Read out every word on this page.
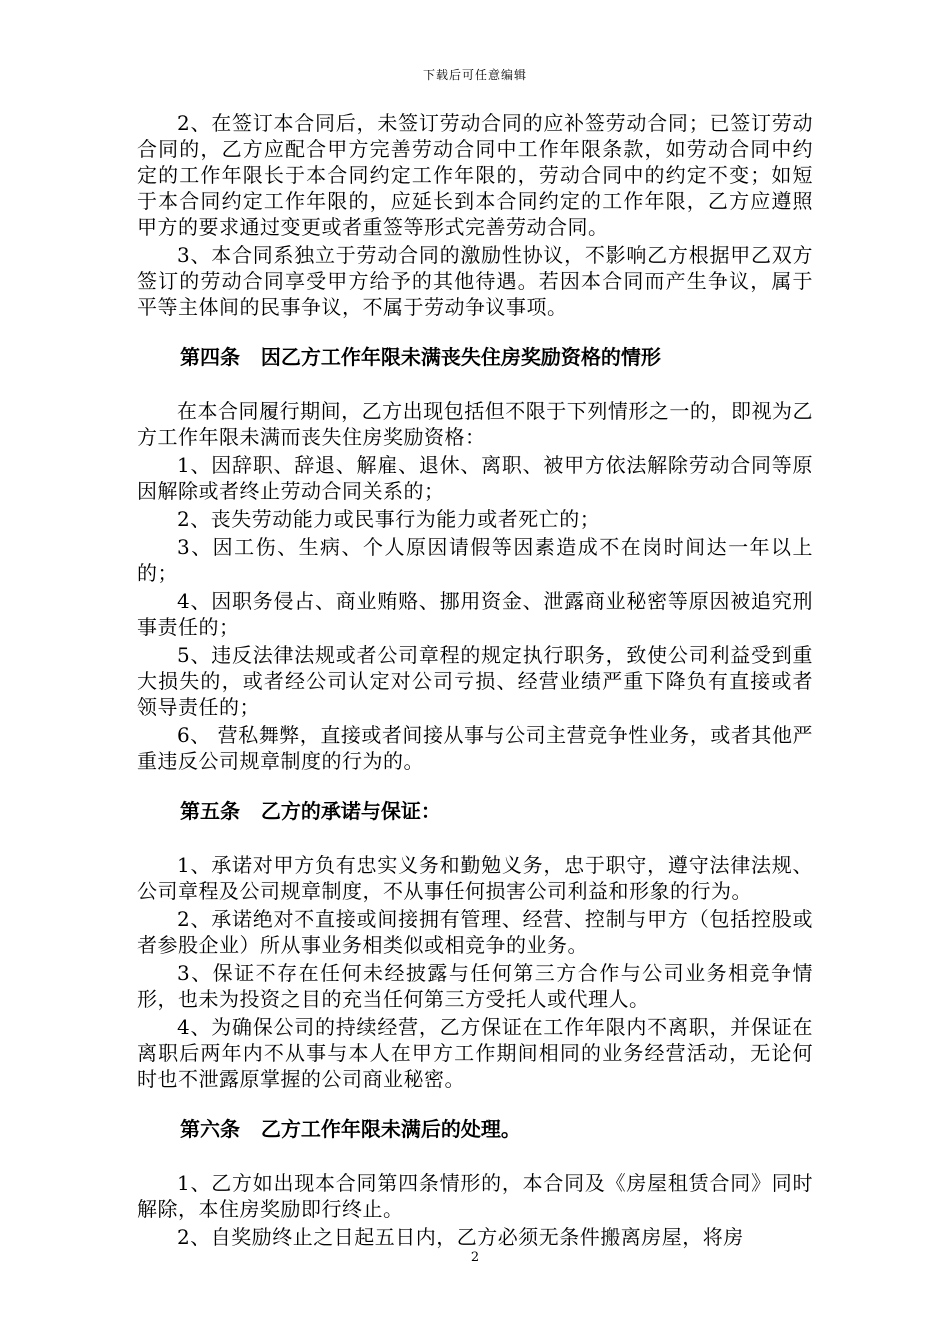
下载后可任意编辑

2、在签订本合同后，未签订劳动合同的应补签劳动合同；已签订劳动合同的，乙方应配合甲方完善劳动合同中工作年限条款，如劳动合同中约定的工作年限长于本合同约定工作年限的，劳动合同中的约定不变；如短于本合同约定工作年限的，应延长到本合同约定的工作年限，乙方应遵照甲方的要求通过变更或者重签等形式完善劳动合同。

3、本合同系独立于劳动合同的激励性协议，不影响乙方根据甲乙双方签订的劳动合同享受甲方给予的其他待遇。若因本合同而产生争议，属于平等主体间的民事争议，不属于劳动争议事项。

第四条   因乙方工作年限未满丧失住房奖励资格的情形

在本合同履行期间，乙方出现包括但不限于下列情形之一的，即视为乙方工作年限未满而丧失住房奖励资格：

1、因辞职、辞退、解雇、退休、离职、被甲方依法解除劳动合同等原因解除或者终止劳动合同关系的；

2、丧失劳动能力或民事行为能力或者死亡的；

3、因工伤、生病、个人原因请假等因素造成不在岗时间达一年以上的；

4、因职务侵占、商业贿赂、挪用资金、泄露商业秘密等原因被追究刑事责任的；

5、违反法律法规或者公司章程的规定执行职务，致使公司利益受到重大损失的，或者经公司认定对公司亏损、经营业绩严重下降负有直接或者领导责任的；

6、 营私舞弊，直接或者间接从事与公司主营竞争性业务，或者其他严重违反公司规章制度的行为的。

第五条   乙方的承诺与保证：

1、承诺对甲方负有忠实义务和勤勉义务，忠于职守，遵守法律法规、公司章程及公司规章制度，不从事任何损害公司利益和形象的行为。

2、承诺绝对不直接或间接拥有管理、经营、控制与甲方（包括控股或者参股企业）所从事业务相类似或相竞争的业务。

3、保证不存在任何未经披露与任何第三方合作与公司业务相竞争情形，也未为投资之目的充当任何第三方受托人或代理人。

4、为确保公司的持续经营，乙方保证在工作年限内不离职，并保证在离职后两年内不从事与本人在甲方工作期间相同的业务经营活动，无论何时也不泄露原掌握的公司商业秘密。

第六条   乙方工作年限未满后的处理。

1、乙方如出现本合同第四条情形的，本合同及《房屋租赁合同》同时解除，本住房奖励即行终止。

2、自奖励终止之日起五日内，乙方必须无条件搬离房屋，将房

2
